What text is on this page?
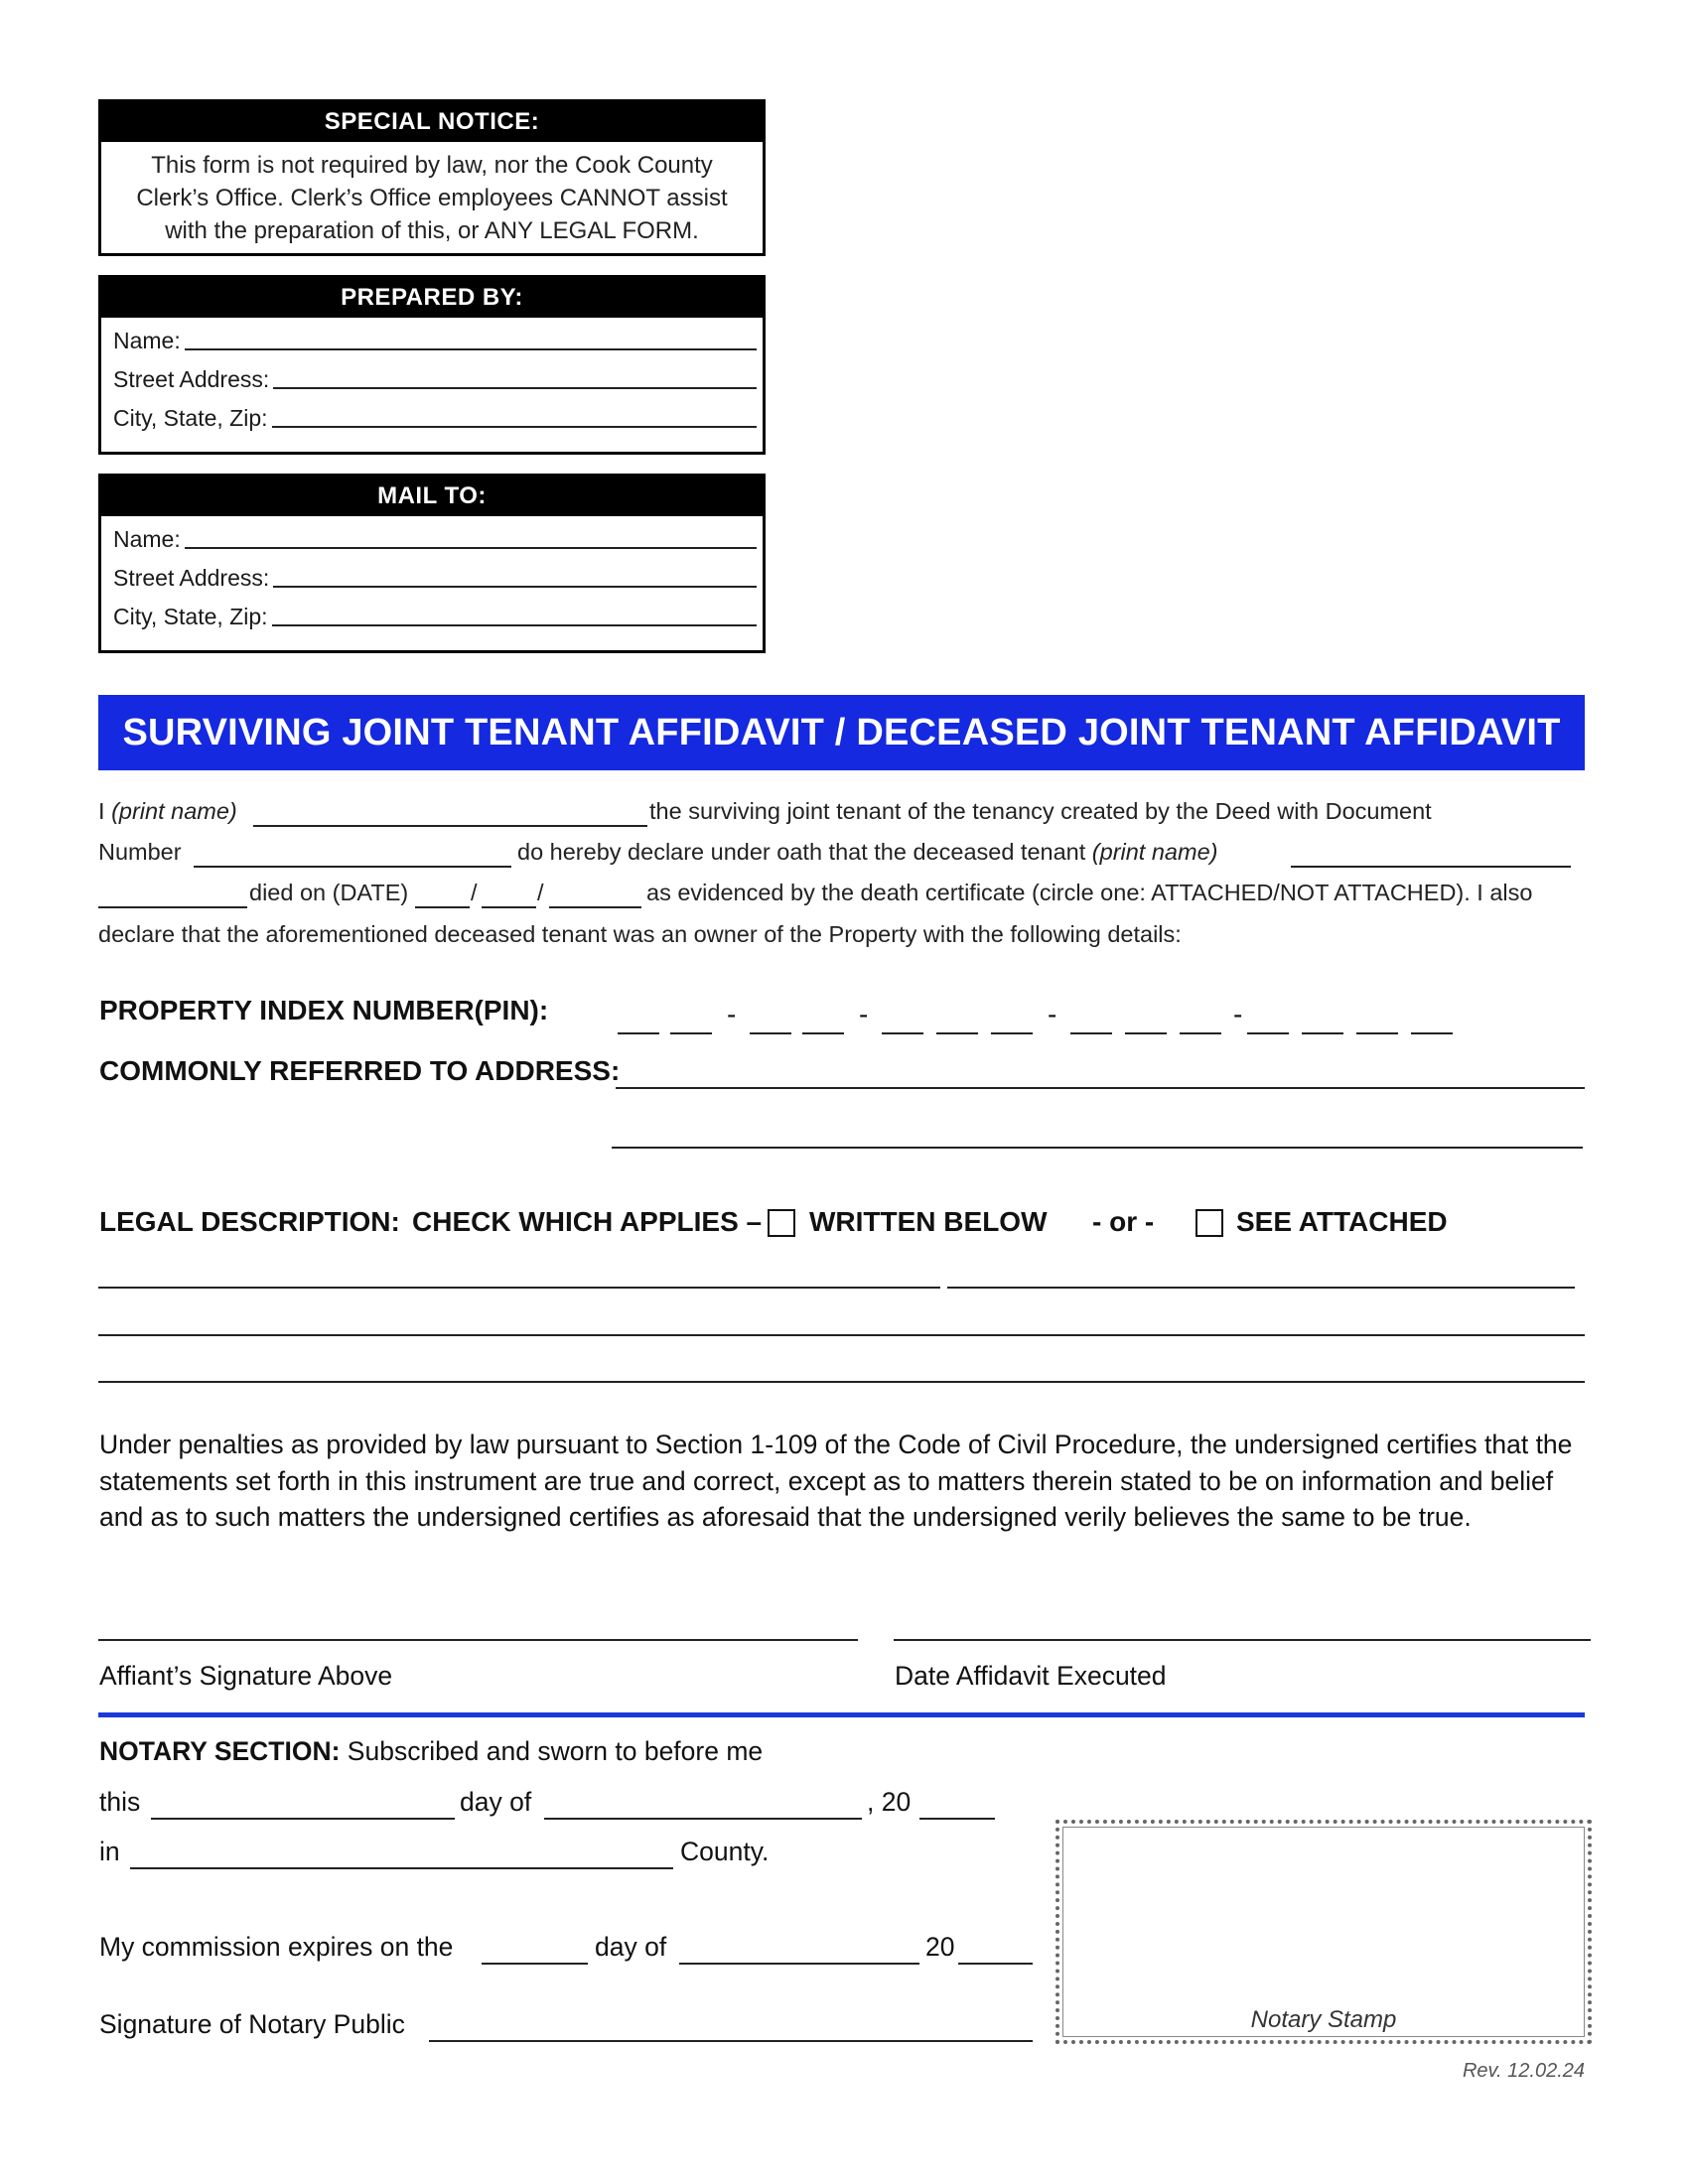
SPECIAL NOTICE:
This form is not required by law, nor the Cook County
Clerk’s Office. Clerk’s Office employees CANNOT assist
with the preparation of this, or ANY LEGAL FORM.
PREPARED BY:
Name:
Street Address:
City, State, Zip:
MAIL TO:
Name:
Street Address:
City, State, Zip:
SURVIVING JOINT TENANT AFFIDAVIT / DECEASED JOINT TENANT AFFIDAVIT
I (print name)	the surviving joint tenant of the tenancy created by the Deed with Document
Number	do hereby declare under oath that the deceased tenant (print name)
died on (DATE)	/	/	as evidenced by the death certificate (circle one: ATTACHED/NOT ATTACHED). I also
declare that the aforementioned deceased tenant was an owner of the Property with the following details:
PROPERTY INDEX NUMBER(PIN):	-	-	-	-
COMMONLY REFERRED TO ADDRESS:
LEGAL DESCRIPTION: CHECK WHICH APPLIES – WRITTEN BELOW - or -	SEE ATTACHED
Under penalties as provided by law pursuant to Section 1-109 of the Code of Civil Procedure, the undersigned certifies that the statements set forth in this instrument are true and correct, except as to matters therein stated to be on information and belief and as to such matters the undersigned certifies as aforesaid that the undersigned verily believes the same to be true.
Affiant’s Signature Above	Date Affidavit Executed
NOTARY SECTION: Subscribed and sworn to before me
this	day of	, 20
in	County.
My commission expires on the	day of	20
Signature of Notary Public	Notary Stamp
Rev. 12.02.24
